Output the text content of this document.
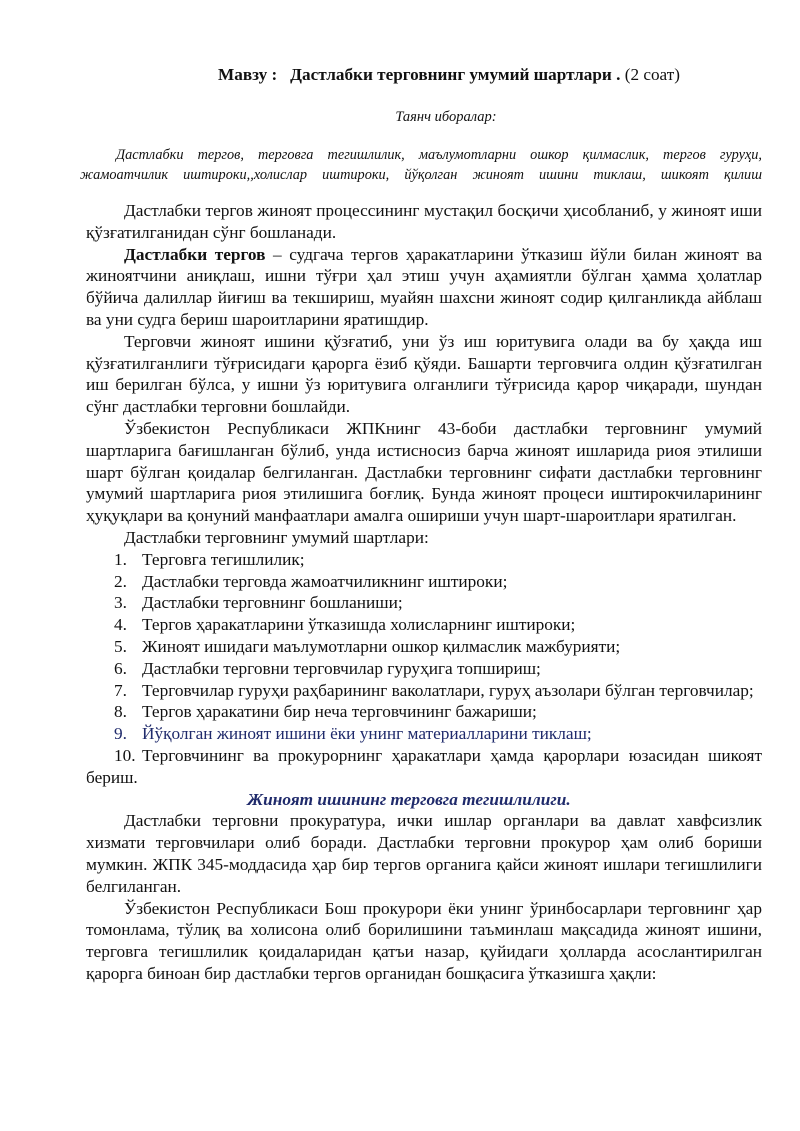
Мавзу : Дастлабки терговнинг умумий шартлари . (2 соат)
Таянч иборалар:

Дастлабки тергов, терговга тегишлилик, маълумотларни ошкор қилмаслик, тергов гуруҳи,
жамоатчилик иштироки,,холислар иштироки, йўқолган жиноят ишини тиклаш, шикоят қилиш

Дастлабки тергов жиноят процессининг мустақил босқичи ҳисобланиб, у жиноят иши қўзғатилганидан сўнг бошланади.

Дастлабки тергов – судгача тергов ҳаракатларини ўтказиш йўли билан жиноят ва жиноятчини аниқлаш, ишни тўғри ҳал этиш учун аҳамиятли бўлган ҳамма ҳолатлар бўйича далиллар йиғиш ва текшириш, муайян шахсни жиноят содир қилганликда айблаш ва уни судга бериш шароитларини яратишдир.

Терговчи жиноят ишини қўзғатиб, уни ўз иш юритувига олади ва бу ҳақда иш қўзғатилганлиги тўғрисидаги қарорга ёзиб қўяди. Башарти терговчига олдин қўзғатилган иш берилган бўлса, у ишни ўз юритувига олганлиги тўғрисида қарор чиқаради, шундан сўнг дастлабки терговни бошлайди.

Ўзбекистон Республикаси ЖПКнинг 43-боби дастлабки терговнинг умумий шартларига бағишланган бўлиб, унда истисносиз барча жиноят ишларида риоя этилиши шарт бўлган қоидалар белгиланган. Дастлабки терговнинг сифати дастлабки терговнинг умумий шартларига риоя этилишига боғлиқ. Бунда жиноят процеси иштирокчиларининг ҳуқуқлари ва қонуний манфаатлари амалга ошириши учун шарт-шароитлари яратилган.

Дастлабки терговнинг умумий шартлари:

1. Терговга тегишлилик;
2. Дастлабки терговда жамоатчиликнинг иштироки;
3. Дастлабки терговнинг бошланиши;
4. Тергов ҳаракатларини ўтказишда холисларнинг иштироки;
5. Жиноят ишидаги маълумотларни ошкор қилмаслик мажбурияти;
6. Дастлабки терговни терговчилар гуруҳига топшириш;
7. Терговчилар гуруҳи раҳбарининг ваколатлари, гуруҳ аъзолари бўлган терговчилар;
8. Тергов ҳаракатини бир неча терговчининг бажариши;
9. Йўқолган жиноят ишини ёки унинг материалларини тиклаш;
10. Терговчининг ва прокурорнинг ҳаракатлари ҳамда қарорлари юзасидан шикоят бериш.

Жиноят ишининг терговга тегишлилиги.

Дастлабки терговни прокуратура, ички ишлар органлари ва давлат хавфсизлик хизмати терговчилари олиб боради. Дастлабки терговни прокурор ҳам олиб бориши мумкин. ЖПК 345-моддасида ҳар бир тергов органига қайси жиноят ишлари тегишлилиги белгиланган.

Ўзбекистон Республикаси Бош прокурори ёки унинг ўринбосарлари терговнинг ҳар томонлама, тўлиқ ва холисона олиб борилишини таъминлаш мақсадида жиноят ишини, терговга тегишлилик қоидаларидан қатъи назар, қуйидаги ҳолларда асослантирилган қарорга биноан бир дастлабки тергов органидан бошқасига ўтказишга ҳақли:
